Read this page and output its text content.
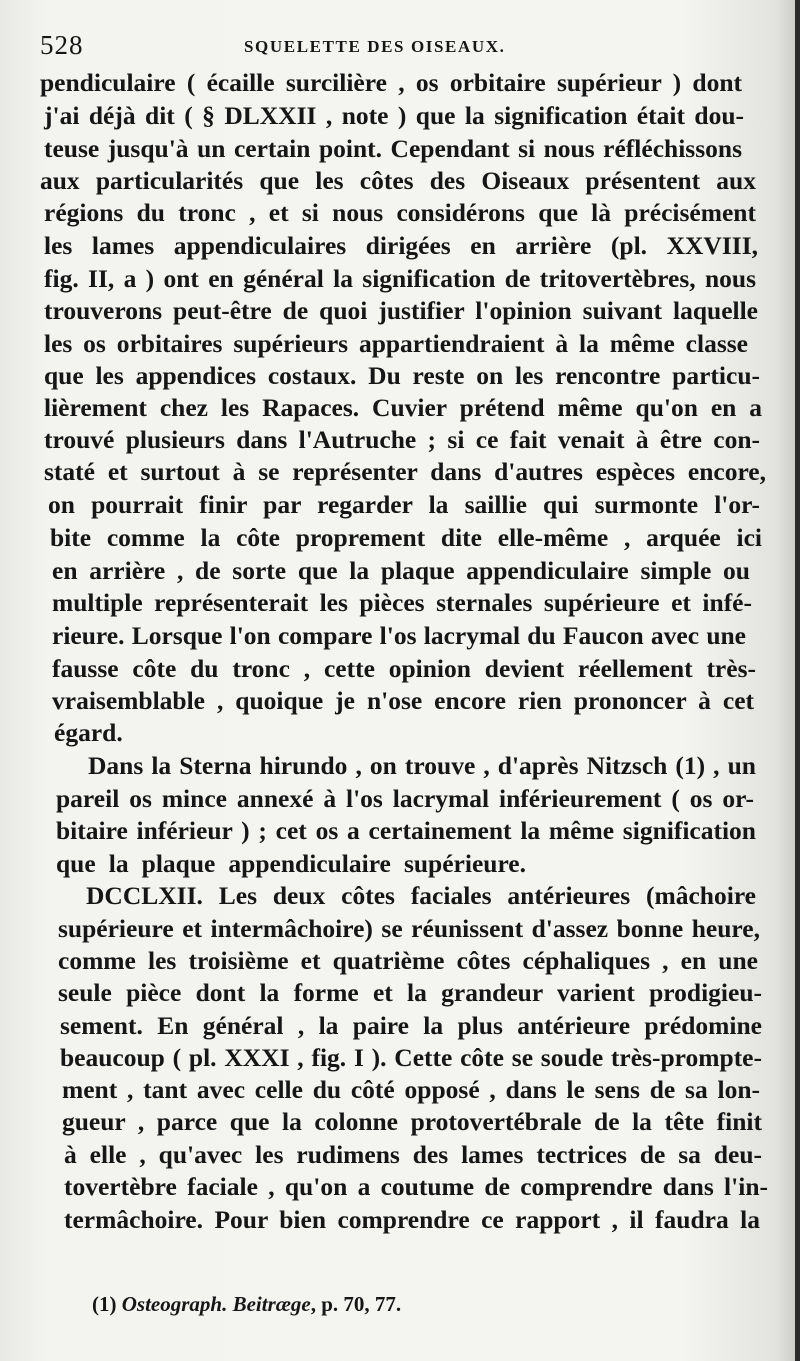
528	SQUELETTE DES OISEAUX.
pendiculaire ( écaille surcilière , os orbitaire supérieur ) dont
j'ai déjà dit ( § DLXXII , note ) que la signification était dou-
teuse jusqu'à un certain point. Cependant si nous réfléchissons
aux particularités que les côtes des Oiseaux présentent aux
régions du tronc , et si nous considérons que là précisément
les lames appendiculaires dirigées en arrière (pl. XXVIII,
fig. II, a ) ont en général la signification de tritovertèbres, nous
trouverons peut-être de quoi justifier l'opinion suivant laquelle
les os orbitaires supérieurs appartiendraient à la même classe
que les appendices costaux. Du reste on les rencontre particu-
lièrement chez les Rapaces. Cuvier prétend même qu'on en a
trouvé plusieurs dans l'Autruche ; si ce fait venait à être con-
staté et surtout à se représenter dans d'autres espèces encore,
on pourrait finir par regarder la saillie qui surmonte l'or-
bite comme la côte proprement dite elle-même , arquée ici
en arrière , de sorte que la plaque appendiculaire simple ou
multiple représenterait les pièces sternales supérieure et infé-
rieure. Lorsque l'on compare l'os lacrymal du Faucon avec une
fausse côte du tronc , cette opinion devient réellement très-
vraisemblable , quoique je n'ose encore rien prononcer à cet
égard.
Dans la Sterna hirundo , on trouve , d'après Nitzsch (1) , un
pareil os mince annexé à l'os lacrymal inférieurement ( os or-
bitaire inférieur ) ; cet os a certainement la même signification
que la plaque appendiculaire supérieure.
DCCLXII. Les deux côtes faciales antérieures (mâchoire
supérieure et intermâchoire) se réunissent d'assez bonne heure,
comme les troisième et quatrième côtes céphaliques , en une
seule pièce dont la forme et la grandeur varient prodigieu-
sement. En général , la paire la plus antérieure prédomine
beaucoup ( pl. XXXI , fig. I ). Cette côte se soude très-prompte-
ment , tant avec celle du côté opposé , dans le sens de sa lon-
gueur , parce que la colonne protovertébrale de la tête finit
à elle , qu'avec les rudimens des lames tectrices de sa deu-
tovertèbre faciale , qu'on a coutume de comprendre dans l'in-
termâchoire. Pour bien comprendre ce rapport , il faudra la
(1) Osteograph. Beitræge, p. 70, 77.
